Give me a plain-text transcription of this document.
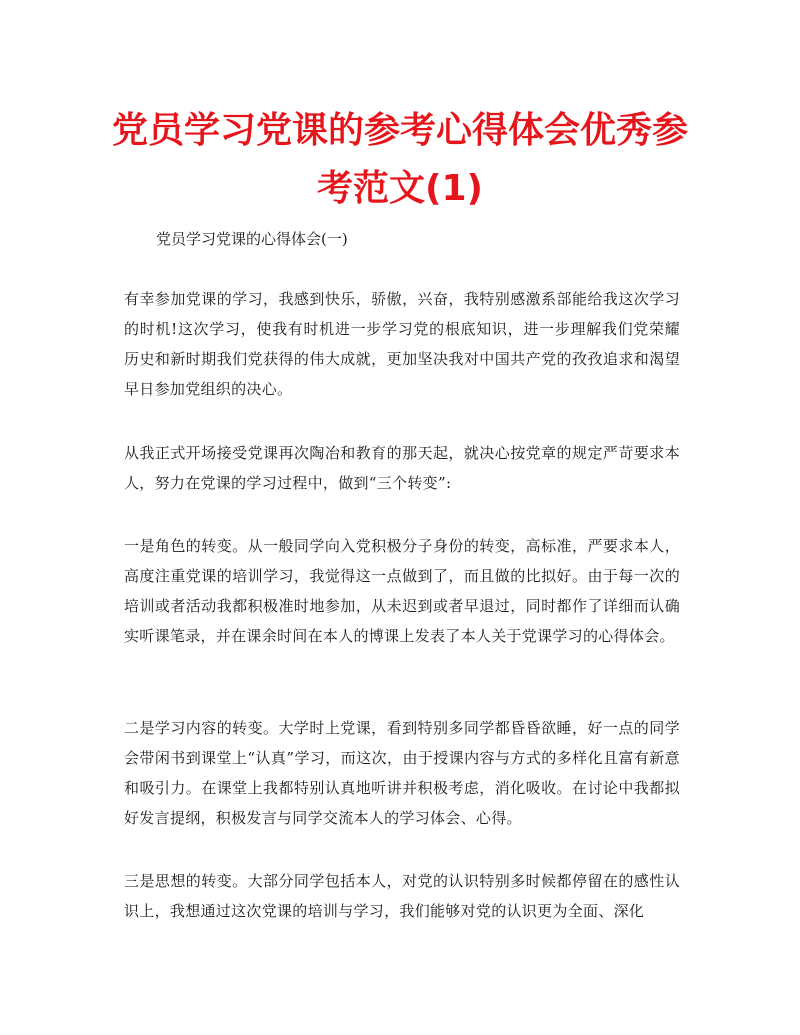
党员学习党课的参考心得体会优秀参考范文(1)

党员学习党课的心得体会(一)

有幸参加党课的学习，我感到快乐，骄傲，兴奋，我特别感激系部能给我这次学习的时机!这次学习，使我有时机进一步学习党的根底知识，进一步理解我们党荣耀历史和新时期我们党获得的伟大成就，更加坚决我对中国共产党的孜孜追求和渴望早日参加党组织的决心。

从我正式开场接受党课再次陶冶和教育的那天起，就决心按党章的规定严苛要求本人，努力在党课的学习过程中，做到“三个转变”:

一是角色的转变。从一般同学向入党积极分子身份的转变，高标准，严要求本人，高度注重党课的培训学习，我觉得这一点做到了，而且做的比拟好。由于每一次的培训或者活动我都积极准时地参加，从未迟到或者早退过，同时都作了详细而认确实听课笔录，并在课余时间在本人的博课上发表了本人关于党课学习的心得体会。

二是学习内容的转变。大学时上党课，看到特别多同学都昏昏欲睡，好一点的同学会带闲书到课堂上“认真”学习，而这次，由于授课内容与方式的多样化且富有新意和吸引力。在课堂上我都特别认真地听讲并积极考虑，消化吸收。在讨论中我都拟好发言提纲，积极发言与同学交流本人的学习体会、心得。

三是思想的转变。大部分同学包括本人，对党的认识特别多时候都停留在的感性认识上，我想通过这次党课的培训与学习，我们能够对党的认识更为全面、深化
